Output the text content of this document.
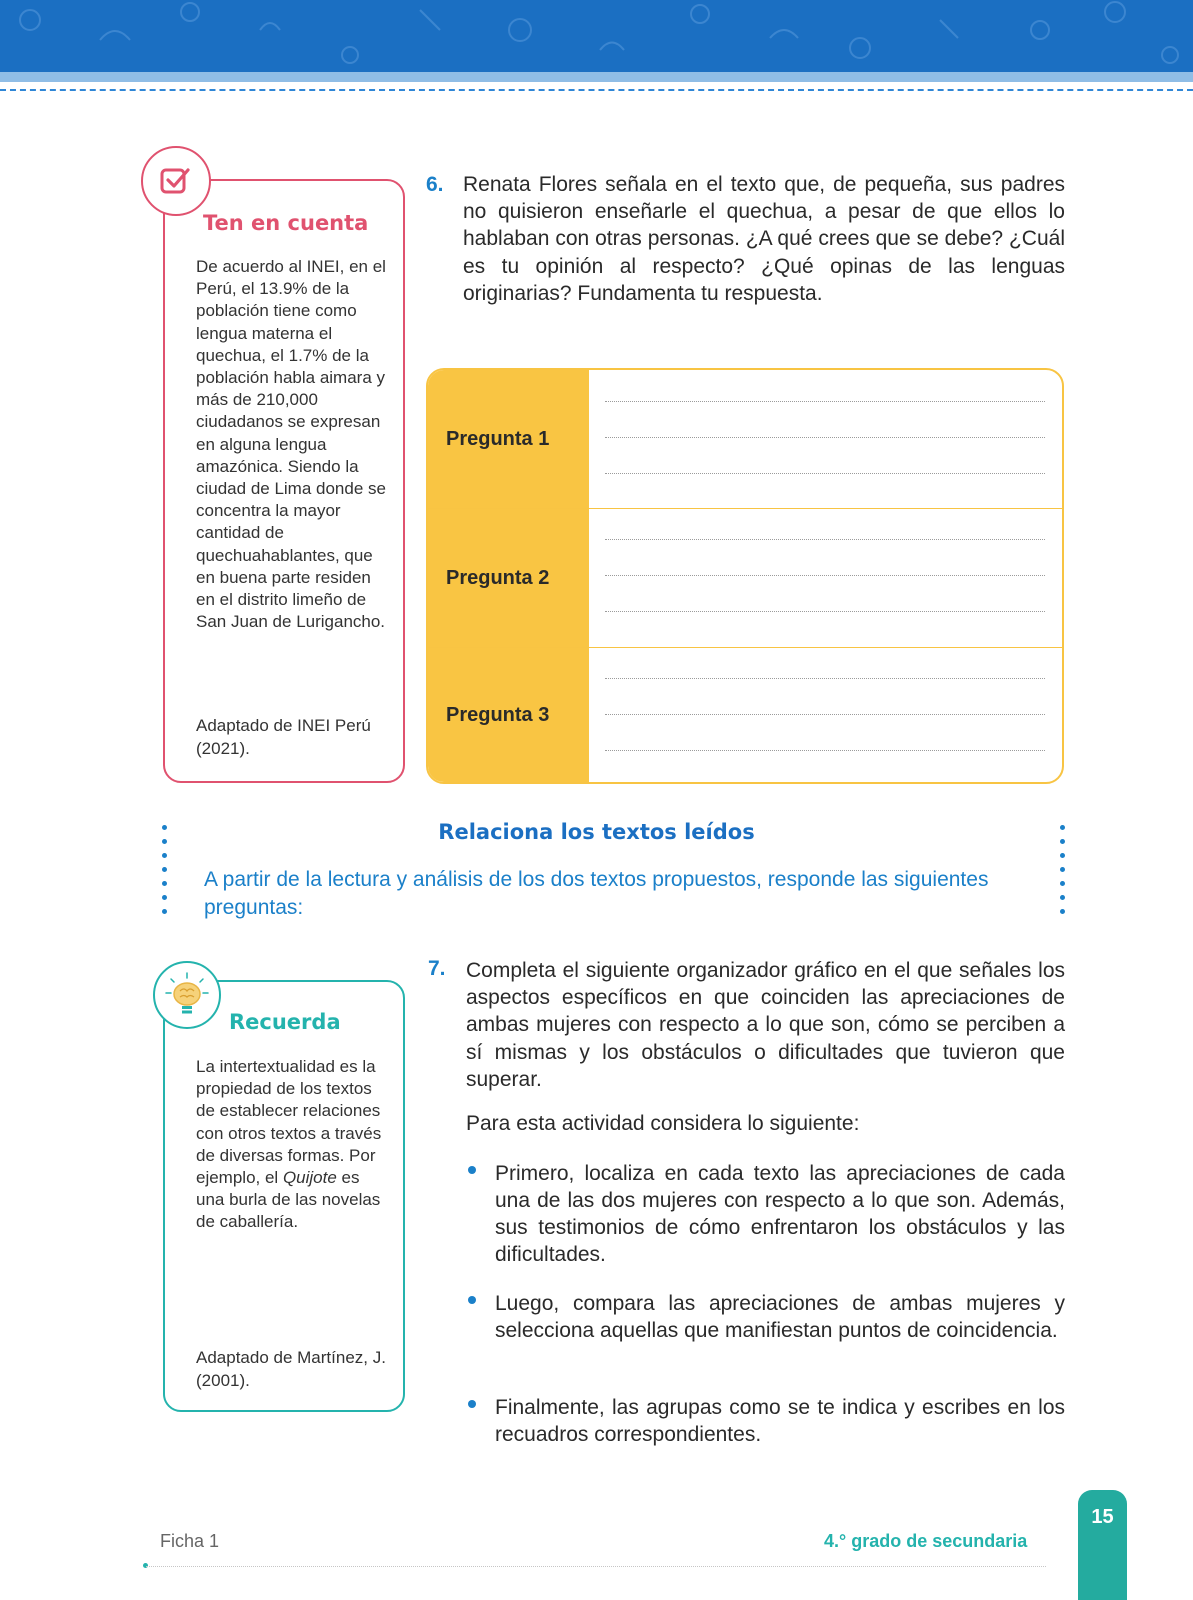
Ten en cuenta
De acuerdo al INEI, en el Perú, el 13.9% de la población tiene como lengua materna el quechua, el 1.7% de la población habla aimara y más de 210,000 ciudadanos se expresan en alguna lengua amazónica. Siendo la ciudad de Lima donde se concentra la mayor cantidad de quechuahablantes, que en buena parte residen en el distrito limeño de San Juan de Lurigancho.
Adaptado de INEI Perú (2021).
6. Renata Flores señala en el texto que, de pequeña, sus padres no quisieron enseñarle el quechua, a pesar de que ellos lo hablaban con otras personas. ¿A qué crees que se debe? ¿Cuál es tu opinión al respecto? ¿Qué opinas de las lenguas originarias? Fundamenta tu respuesta.
Pregunta 1
Pregunta 2
Pregunta 3
Relaciona los textos leídos
A partir de la lectura y análisis de los dos textos propuestos, responde las siguientes preguntas:
Recuerda
La intertextualidad es la propiedad de los textos de establecer relaciones con otros textos a través de diversas formas. Por ejemplo, el Quijote es una burla de las novelas de caballería.
Adaptado de Martínez, J. (2001).
7. Completa el siguiente organizador gráfico en el que señales los aspectos específicos en que coinciden las apreciaciones de ambas mujeres con respecto a lo que son, cómo se perciben a sí mismas y los obstáculos o dificultades que tuvieron que superar.
Para esta actividad considera lo siguiente:
Primero, localiza en cada texto las apreciaciones de cada una de las dos mujeres con respecto a lo que son. Además, sus testimonios de cómo enfrentaron los obstáculos y las dificultades.
Luego, compara las apreciaciones de ambas mujeres y selecciona aquellas que manifiestan puntos de coincidencia.
Finalmente, las agrupas como se te indica y escribes en los recuadros correspondientes.
Ficha 1	4.° grado de secundaria
15
